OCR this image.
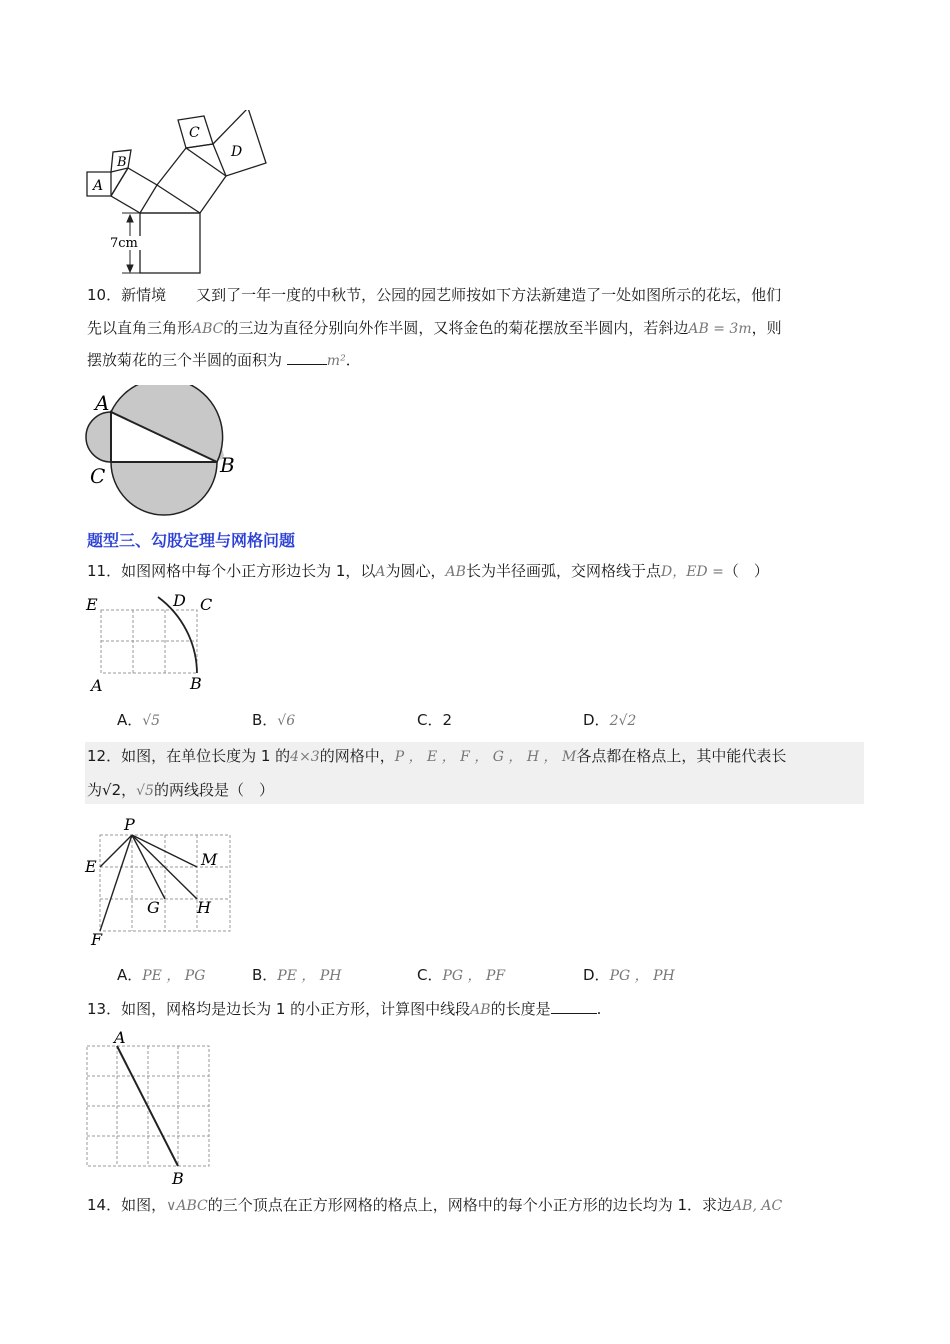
A
B
C
D
7cm
10．新情境　　又到了一年一度的中秋节，公园的园艺师按如下方法新建造了一处如图所示的花坛，他们
先以直角三角形ABC的三边为直径分别向外作半圆，又将金色的菊花摆放至半圆内，若斜边AB = 3m，则
摆放菊花的三个半圆的面积为	m²．
A
B
C
题型三、勾股定理与网格问题
11．如图网格中每个小正方形边长为 1，以A为圆心，AB长为半径画弧，交网格线于点D，ED =（　）
E	D C
A	B
A．√5	B．√6	C．2	D．2√2
12．如图，在单位长度为 1 的4×3的网格中，P ， E ， F ， G ， H ， M各点都在格点上，其中能代表长
为√2，√5的两线段是（　）
P
E	M
G H
F
A．PE ， PG	B．PE ， PH	C．PG ， PF	D．PG ， PH
13．如图，网格均是边长为 1 的小正方形，计算图中线段AB的长度是	.
A
B
14．如图，∨ABC的三个顶点在正方形网格的格点上，网格中的每个小正方形的边长均为 1．求边AB, AC
